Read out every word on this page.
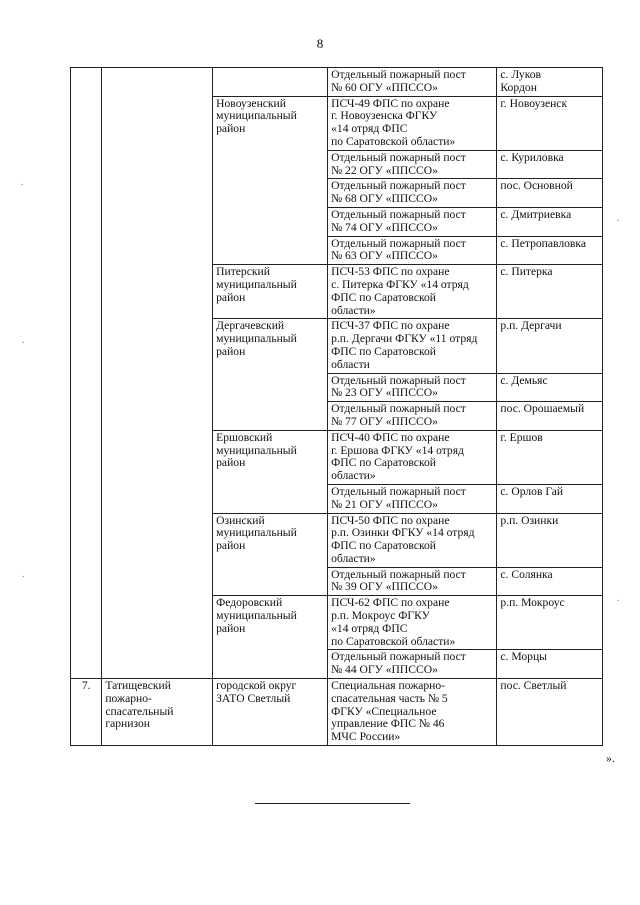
8

			Отдельный пожарный пост
№ 60 ОГУ «ППССО»	с. Луков
Кордон

		Новоузенский
муниципальный
район	ПСЧ-49 ФПС по охране
г. Новоузенска ФГКУ
«14 отряд ФПС
по Саратовской области»	г. Новоузенск

			Отдельный пожарный пост
№ 22 ОГУ «ППССО»	с. Куриловка

			Отдельный пожарный пост
№ 68 ОГУ «ППССО»	пос. Основной

			Отдельный пожарный пост
№ 74 ОГУ «ППССО»	с. Дмитриевка

			Отдельный пожарный пост
№ 63 ОГУ «ППССО»	с. Петропавловка

		Питерский
муниципальный
район	ПСЧ-53 ФПС по охране
с. Питерка ФГКУ «14 отряд
ФПС по Саратовской
области»	с. Питерка

		Дергачевский
муниципальный
район	ПСЧ-37 ФПС по охране
р.п. Дергачи ФГКУ «11 отряд
ФПС по Саратовской
области	р.п. Дергачи

			Отдельный пожарный пост
№ 23 ОГУ «ППССО»	с. Демьяс

			Отдельный пожарный пост
№ 77 ОГУ «ППССО»	пос. Орошаемый

		Ершовский
муниципальный
район	ПСЧ-40 ФПС по охране
г. Ершова ФГКУ «14 отряд
ФПС по Саратовской
области»	г. Ершов

			Отдельный пожарный пост
№ 21 ОГУ «ППССО»	с. Орлов Гай

		Озинский
муниципальный
район	ПСЧ-50 ФПС по охране
р.п. Озинки ФГКУ «14 отряд
ФПС по Саратовской
области»	р.п. Озинки

			Отдельный пожарный пост
№ 39 ОГУ «ППССО»	с. Солянка

		Федоровский
муниципальный
район	ПСЧ-62 ФПС по охране
р.п. Мокроус ФГКУ
«14 отряд ФПС
по Саратовской области»	р.п. Мокроус

			Отдельный пожарный пост
№ 44 ОГУ «ППССО»	с. Морцы

7.	Татищевский
пожарно-
спасательный
гарнизон	городской округ
ЗАТО Светлый	Специальная пожарно-
спасательная часть № 5
ФГКУ «Специальное
управление ФПС № 46
МЧС России»	пос. Светлый
».
.
.
.
.
.
